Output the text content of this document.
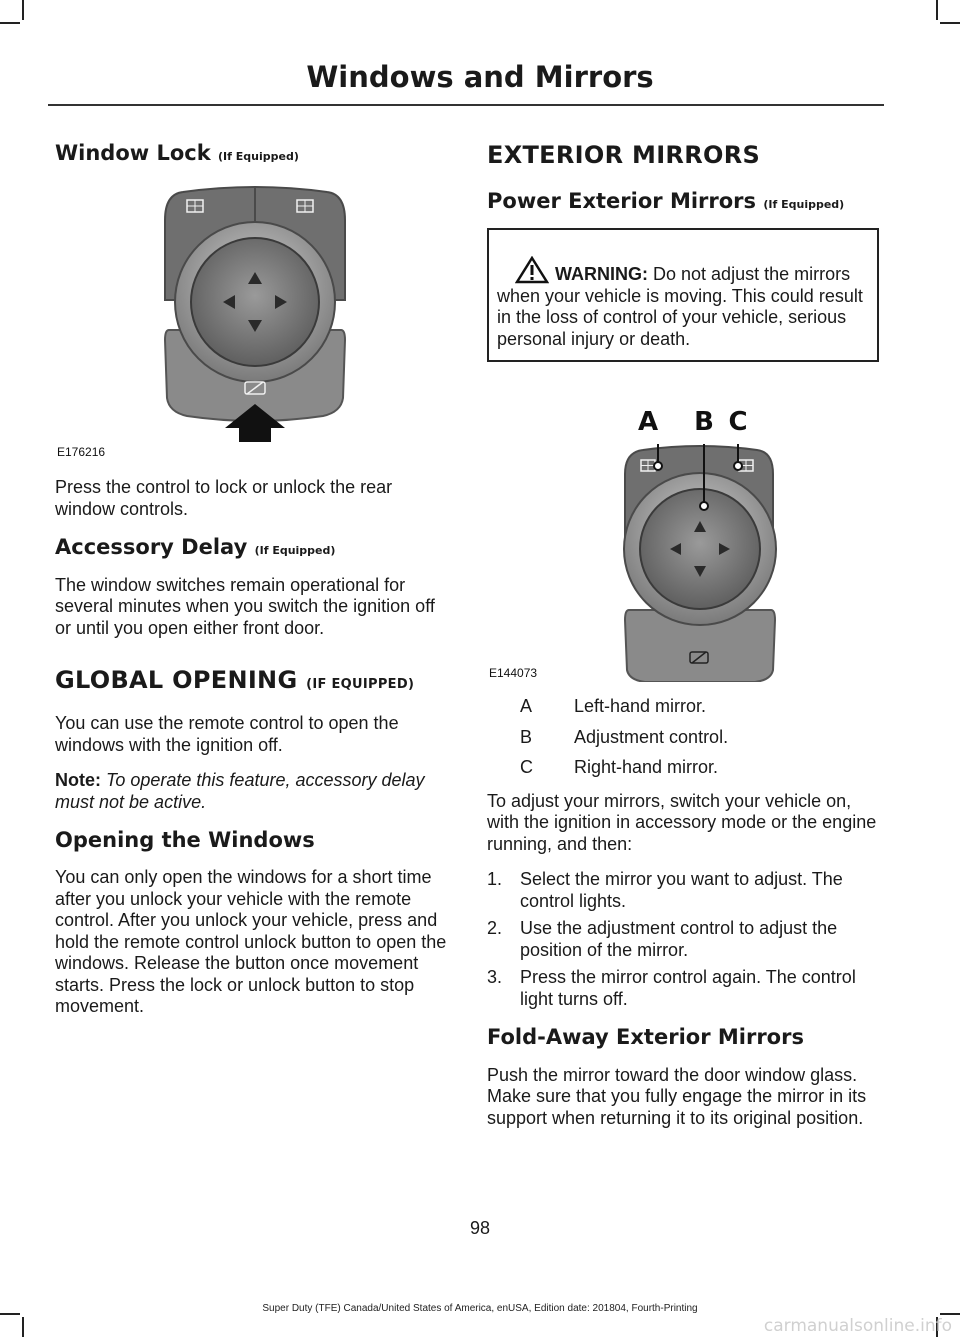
Windows and Mirrors
Window Lock (If Equipped)
E176216

Press the control to lock or unlock the rear window controls.

Accessory Delay (If Equipped)

The window switches remain operational for several minutes when you switch the ignition off or until you open either front door.

GLOBAL OPENING (IF EQUIPPED)

You can use the remote control to open the windows with the ignition off.

Note: To operate this feature, accessory delay must not be active.

Opening the Windows

You can only open the windows for a short time after you unlock your vehicle with the remote control. After you unlock your vehicle, press and hold the remote control unlock button to open the windows. Release the button once movement starts. Press the lock or unlock button to stop movement.

EXTERIOR MIRRORS
Power Exterior Mirrors (If Equipped)
WARNING: Do not adjust the mirrors when your vehicle is moving. This could result in the loss of control of your vehicle, serious personal injury or death.
A B C
E144073
A	Left-hand mirror.
B	Adjustment control.
C	Right-hand mirror.

To adjust your mirrors, switch your vehicle on, with the ignition in accessory mode or the engine running, and then:

1. Select the mirror you want to adjust. The control lights.
2. Use the adjustment control to adjust the position of the mirror.
3. Press the mirror control again. The control light turns off.
Fold-Away Exterior Mirrors

Push the mirror toward the door window glass. Make sure that you fully engage the mirror in its support when returning it to its original position.

98
Super Duty (TFE) Canada/United States of America, enUSA, Edition date: 201804, Fourth-Printing
carmanualsonline.info
